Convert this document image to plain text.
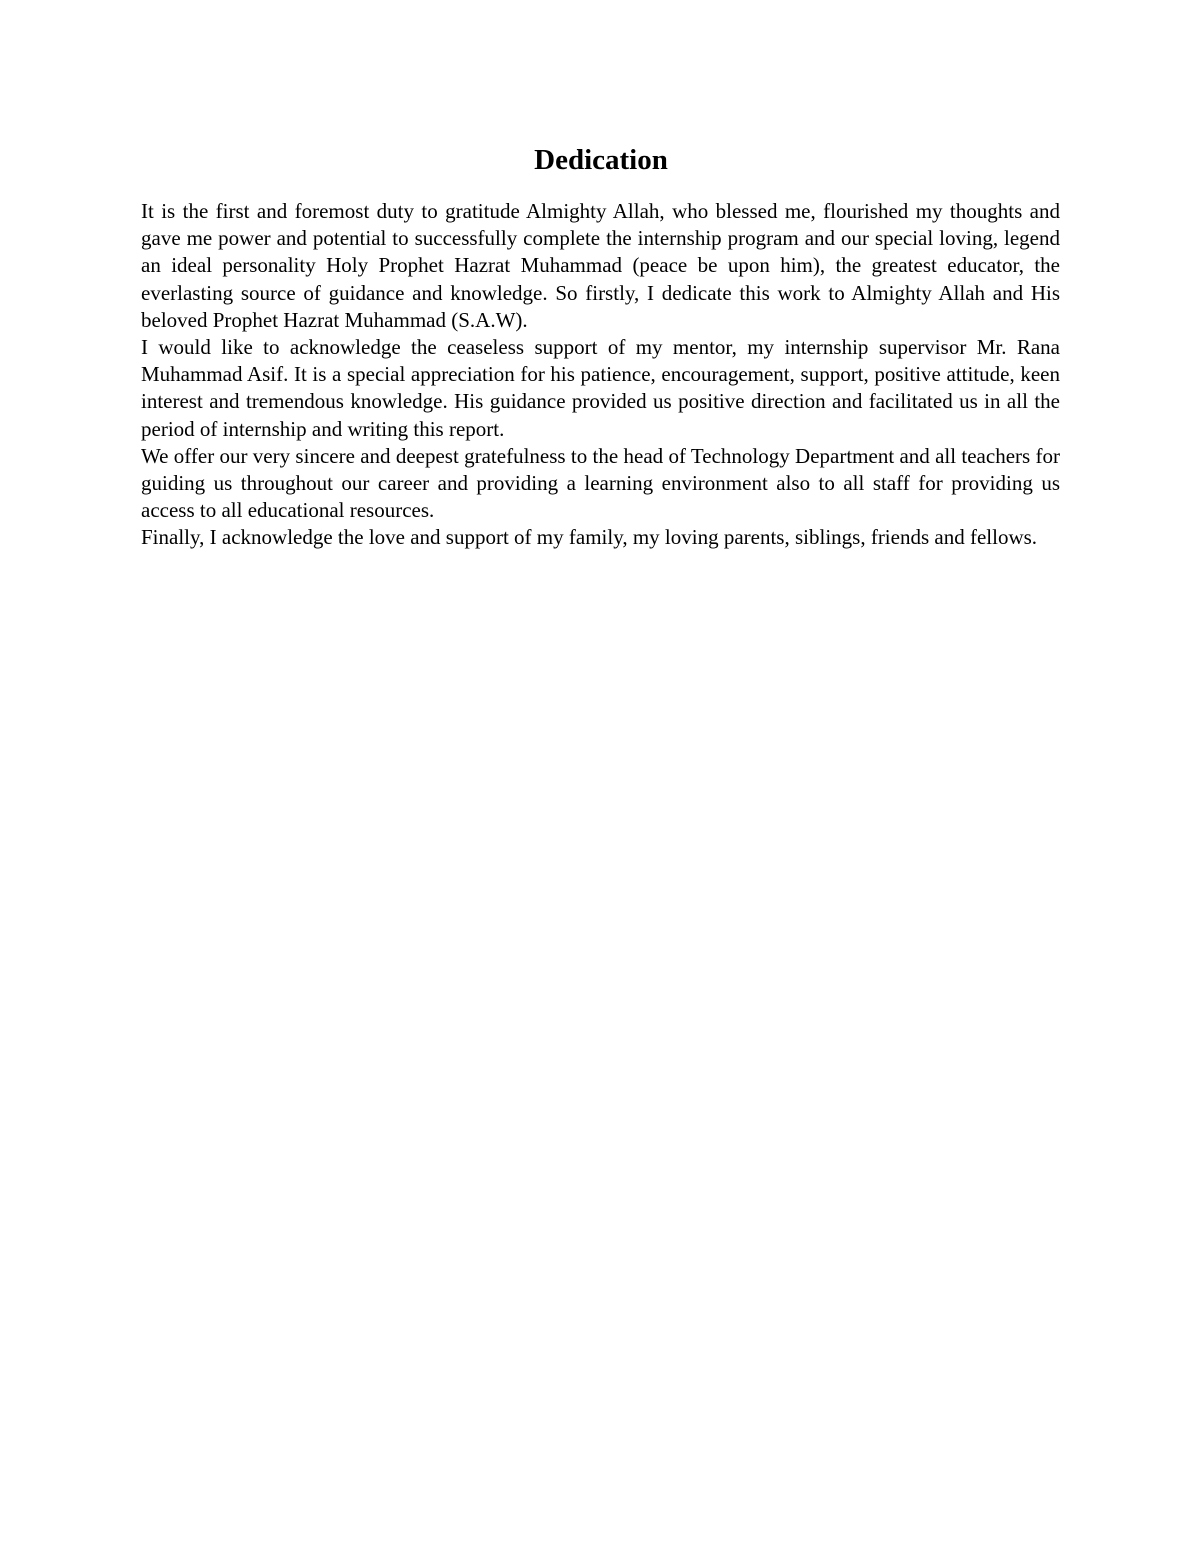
Dedication

It is the first and foremost duty to gratitude Almighty Allah, who blessed me, flourished my thoughts and gave me power and potential to successfully complete the internship program and our special loving, legend an ideal personality Holy Prophet Hazrat Muhammad (peace be upon him), the greatest educator, the everlasting source of guidance and knowledge. So firstly, I dedicate this work to Almighty Allah and His beloved Prophet Hazrat Muhammad (S.A.W).

I would like to acknowledge the ceaseless support of my mentor, my internship supervisor Mr. Rana Muhammad Asif. It is a special appreciation for his patience, encouragement, support, positive attitude, keen interest and tremendous knowledge. His guidance provided us positive direction and facilitated us in all the period of internship and writing this report.

We offer our very sincere and deepest gratefulness to the head of Technology Department and all teachers for guiding us throughout our career and providing a learning environment also to all staff for providing us access to all educational resources.

Finally, I acknowledge the love and support of my family, my loving parents, siblings, friends and fellows.
